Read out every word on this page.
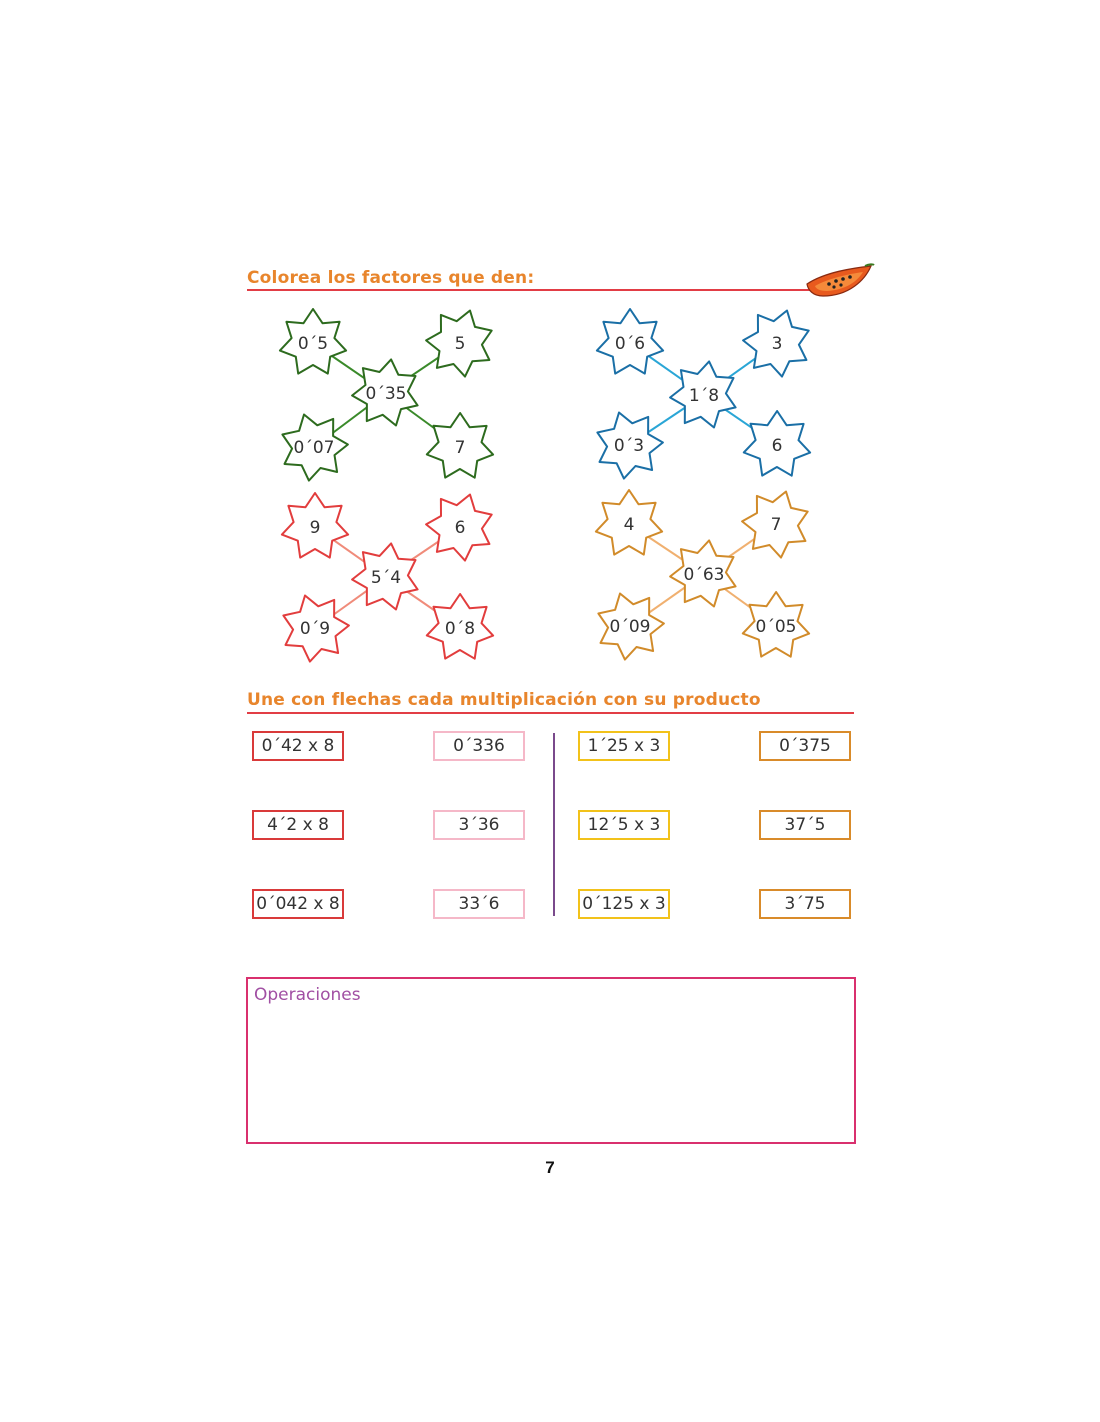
Colorea los factores que den:
0´5	5
0´07	7
0´35
0´6	3
0´3	6
1´8
9	6
0´9	0´8
5´4
4	7
0´09	0´05
0´63
Une con flechas cada multiplicación con su producto
0´42 x 8
4´2 x 8
0´042 x 8
0´336
3´36
33´6
1´25 x 3
12´5 x 3
0´125 x 3
0´375
37´5
3´75
Operaciones
7
